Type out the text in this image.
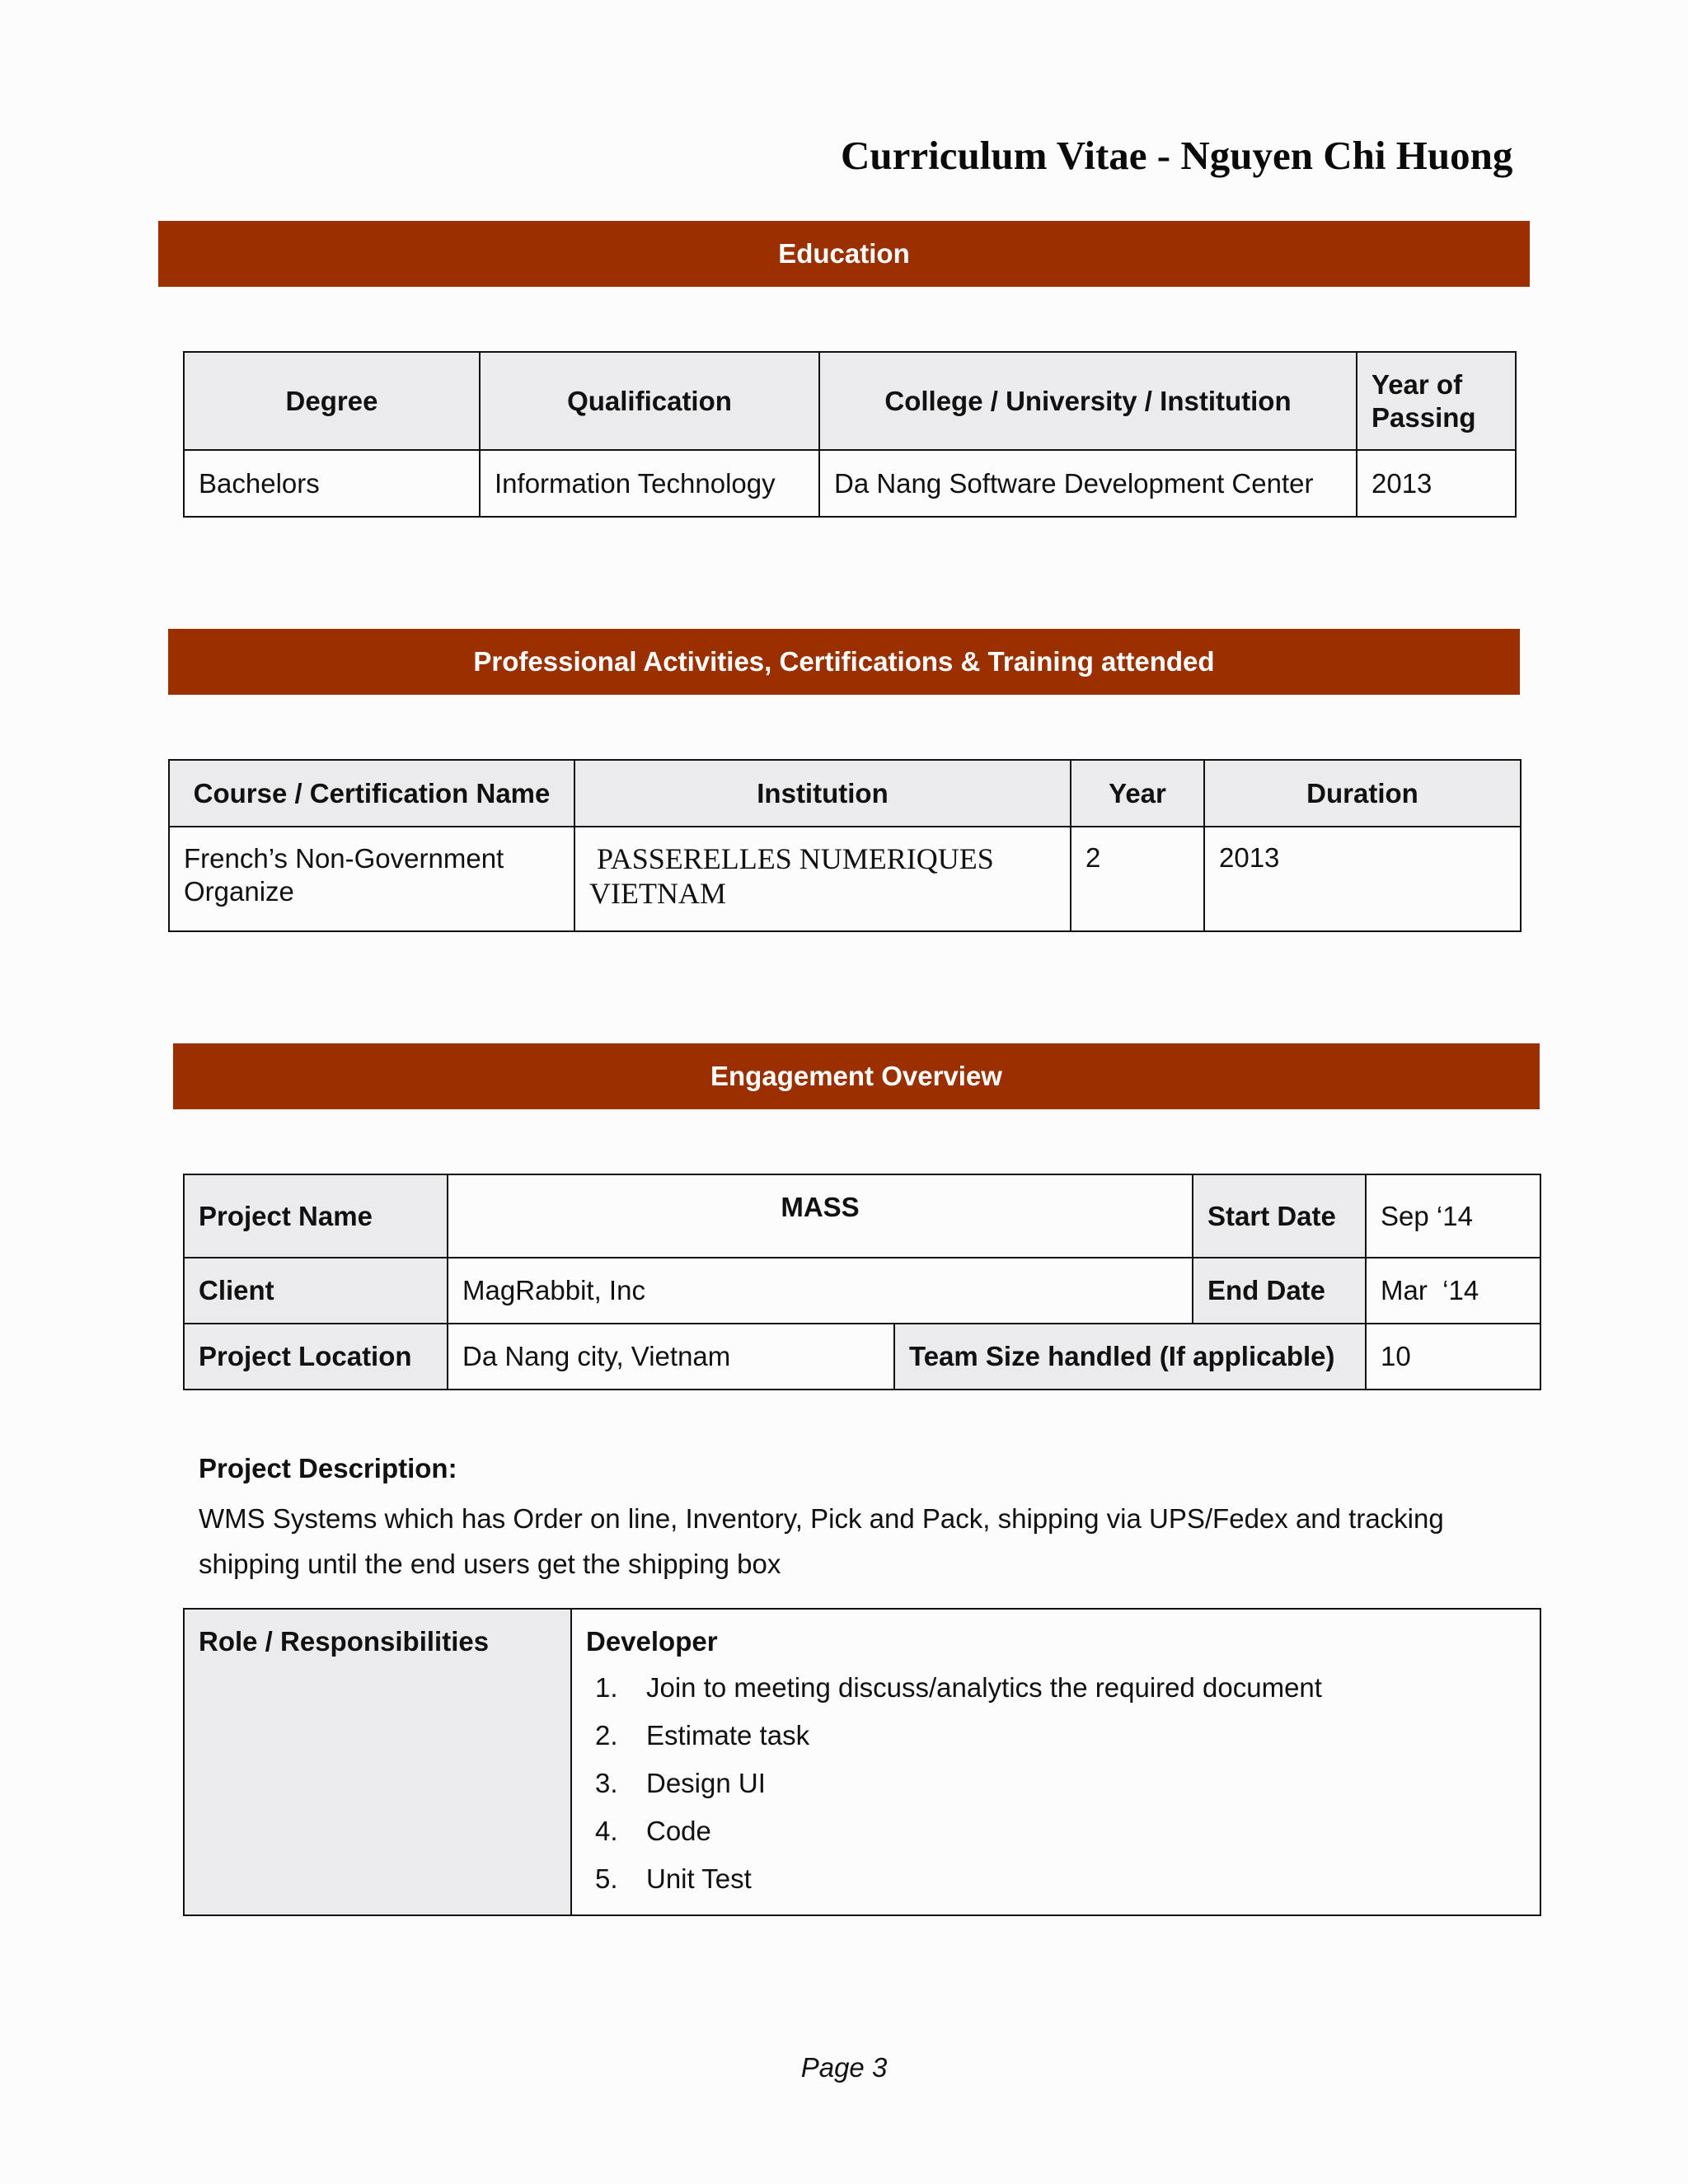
Curriculum Vitae - Nguyen Chi Huong
Education
Degree	Qualification	College / University / Institution	Year of Passing
Bachelors	Information Technology	Da Nang Software Development Center	2013
Professional Activities, Certifications & Training attended
Course / Certification Name	Institution	Year	Duration
French’s Non-Government Organize	PASSERELLES NUMERIQUES VIETNAM	2	2013
Engagement Overview
Project Name	MASS		Start Date	Sep ‘14
Client	MagRabbit, Inc		End Date	Mar  ‘14
Project Location	Da Nang city, Vietnam	Team Size handled (If applicable)		10
Project Description:
WMS Systems which has Order on line, Inventory, Pick and Pack, shipping via UPS/Fedex and tracking shipping until the end users get the shipping box
Role / Responsibilities	Developer
1.	Join to meeting discuss/analytics the required document
2.	Estimate task
3.	Design UI
4.	Code
5.	Unit Test
Page 3
